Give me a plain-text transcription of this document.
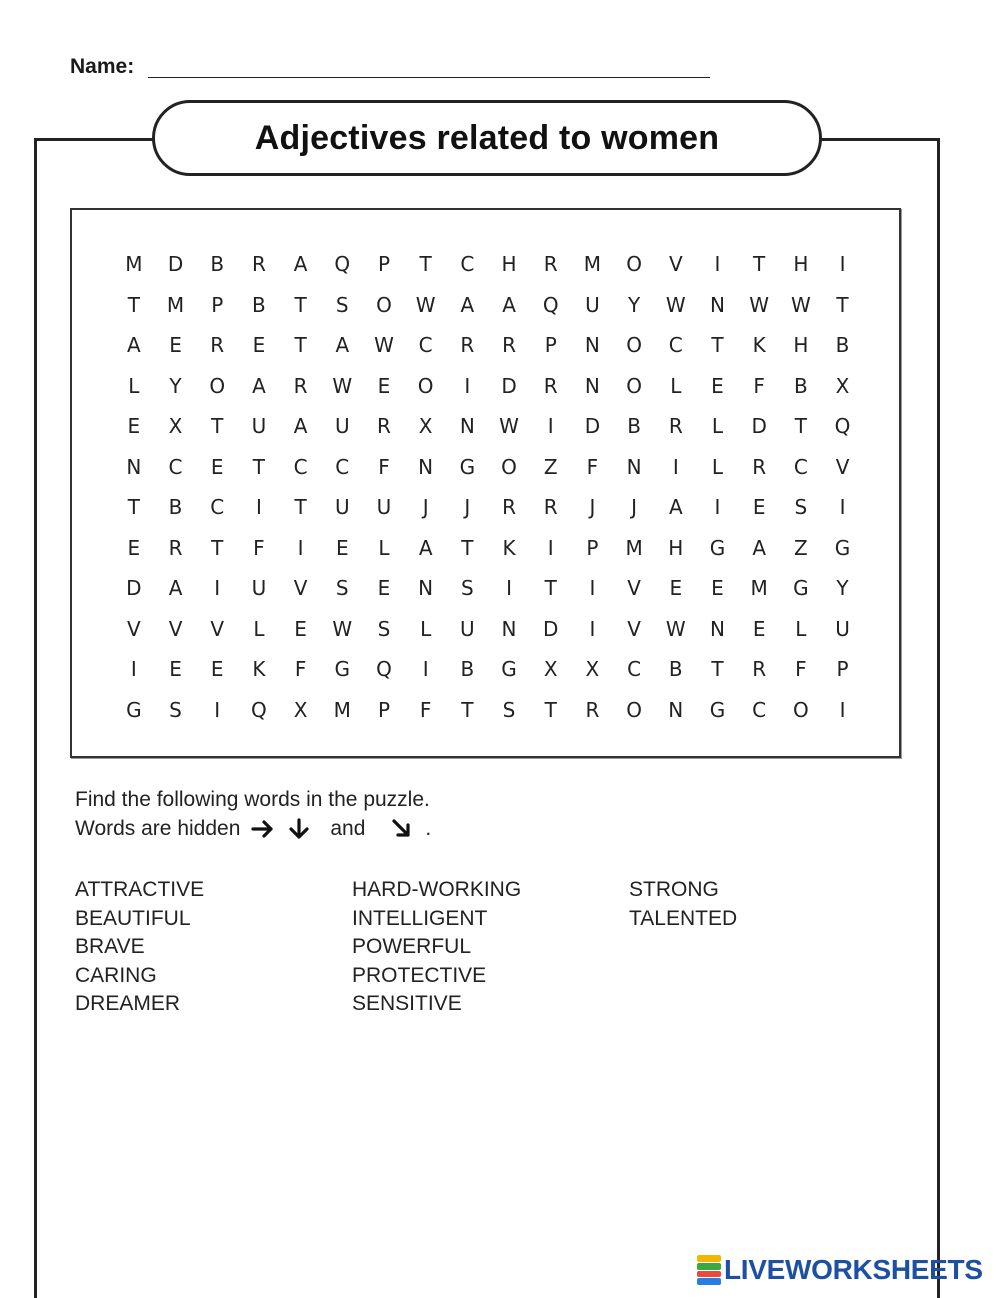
Name:
Adjectives related to women
M	D	B	R	A	Q	P	T	C	H	R	M	O	V	I	T	H	I
T	M	P	B	T	S	O	W	A	A	Q	U	Y	W	N	W	W	T
A	E	R	E	T	A	W	C	R	R	P	N	O	C	T	K	H	B
L	Y	O	A	R	W	E	O	I	D	R	N	O	L	E	F	B	X
E	X	T	U	A	U	R	X	N	W	I	D	B	R	L	D	T	Q
N	C	E	T	C	C	F	N	G	O	Z	F	N	I	L	R	C	V
T	B	C	I	T	U	U	J	J	R	R	J	J	A	I	E	S	I
E	R	T	F	I	E	L	A	T	K	I	P	M	H	G	A	Z	G
D	A	I	U	V	S	E	N	S	I	T	I	V	E	E	M	G	Y
V	V	V	L	E	W	S	L	U	N	D	I	V	W	N	E	L	U
I	E	E	K	F	G	Q	I	B	G	X	X	C	B	T	R	F	P
G	S	I	Q	X	M	P	F	T	S	T	R	O	N	G	C	O	I
Find the following words in the puzzle.
Words are hidden	and	.
ATTRACTIVE
BEAUTIFUL
BRAVE
CARING
DREAMER
HARD-WORKING
INTELLIGENT
POWERFUL
PROTECTIVE
SENSITIVE
STRONG
TALENTED
LIVEWORKSHEETS
